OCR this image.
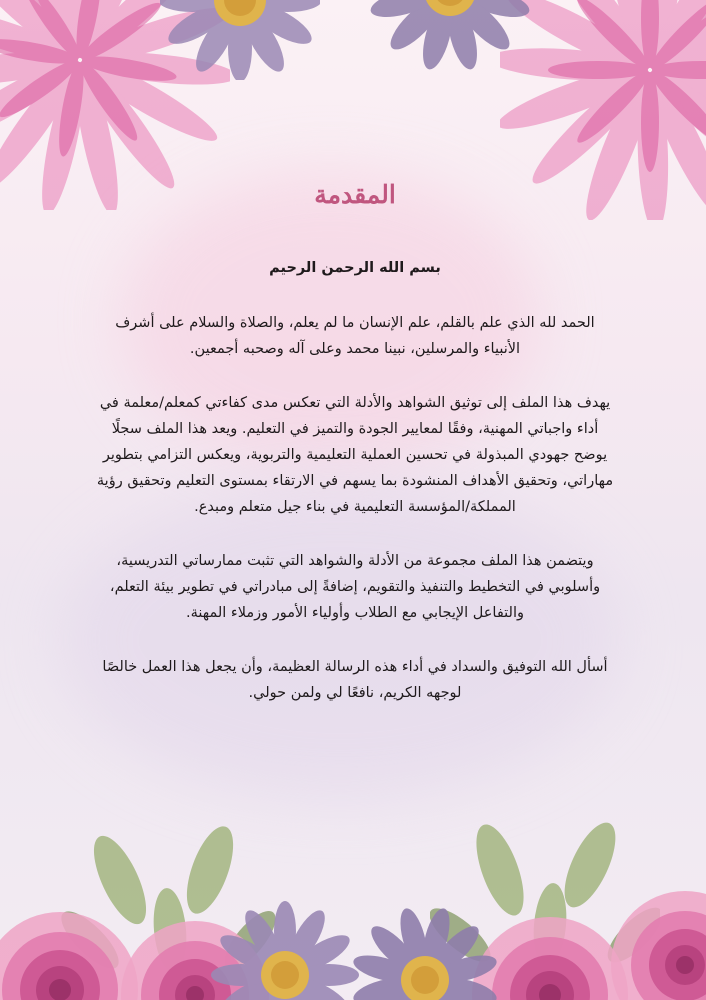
المقدمة
بسم الله الرحمن الرحيم

الحمد لله الذي علم بالقلم، علم الإنسان ما لم يعلم، والصلاة والسلام على أشرف الأنبياء والمرسلين، نبينا محمد وعلى آله وصحبه أجمعين.

يهدف هذا الملف إلى توثيق الشواهد والأدلة التي تعكس مدى كفاءتي كمعلم/معلمة في أداء واجباتي المهنية، وفقًا لمعايير الجودة والتميز في التعليم. ويعد هذا الملف سجلًا يوضح جهودي المبذولة في تحسين العملية التعليمية والتربوية، ويعكس التزامي بتطوير مهاراتي، وتحقيق الأهداف المنشودة بما يسهم في الارتقاء بمستوى التعليم وتحقيق رؤية المملكة/المؤسسة التعليمية في بناء جيل متعلم ومبدع.

ويتضمن هذا الملف مجموعة من الأدلة والشواهد التي تثبت ممارساتي التدريسية، وأسلوبي في التخطيط والتنفيذ والتقويم، إضافةً إلى مبادراتي في تطوير بيئة التعلم، والتفاعل الإيجابي مع الطلاب وأولياء الأمور وزملاء المهنة.

أسأل الله التوفيق والسداد في أداء هذه الرسالة العظيمة، وأن يجعل هذا العمل خالصًا لوجهه الكريم، نافعًا لي ولمن حولي.
